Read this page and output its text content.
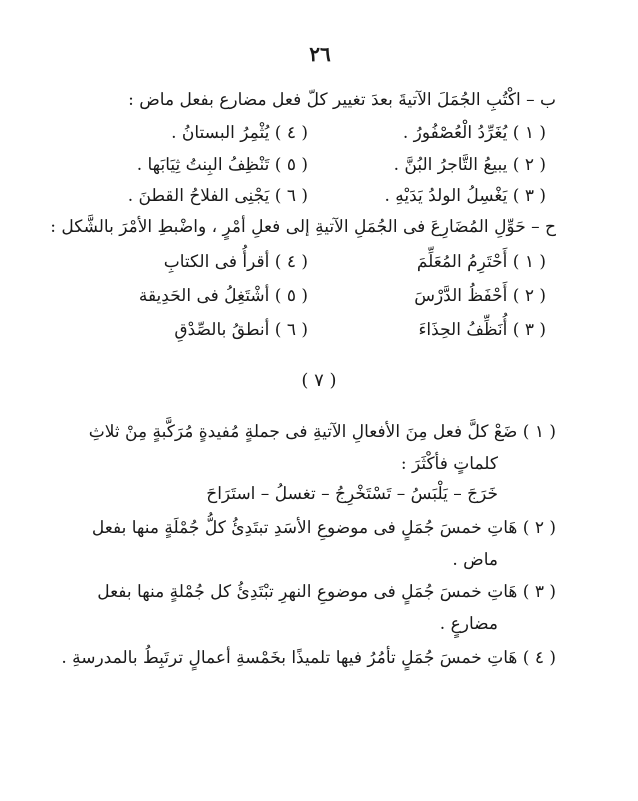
٢٦
ب – اكْتُبِ الجُمَلَ الآتيةَ بعدَ تغيير كلّ فعل مضارع بفعل ماض :
( ١ ) يُغَرِّدُ الْعُصْفُورُ .
( ٤ ) يُثْمِرُ البستانُ .
( ٢ ) يبيعُ التَّاجرُ البُنَّ .
( ٥ ) تَنْظِفُ البِنتُ ثِيَابَها .
( ٣ ) يَغْسِلُ الولدُ يَدَيْهِ .
( ٦ ) يَجْنِى الفلاحُ القطنَ .
ح – حَوِّلِ المُضَارِعَ فى الجُمَلِ الآتيةِ إلى فعلِ أمْرٍ ، واضْبطِ الأمْرَ بالشَّكل :
( ١ ) أَحْتَرِمُ المُعَلِّمَ
( ٤ ) أقرأُ فى الكتابِ
( ٢ ) أَحْفَظُ الدَّرْسَ
( ٥ ) أشْتَغِلُ فى الحَدِيقة
( ٣ ) أُنَظِّفُ الحِذَاءَ
( ٦ ) أنطقُ بالصِّدْقِ
( ٧ )
( ١ ) ضَعْ كلَّ فعل مِنَ الأفعالِ الآتيةِ فى جملةٍ مُفيدةٍ مُرَكَّبةٍ مِنْ ثلاثِ
كلماتٍ فأكْثَرَ :
خَرَجَ – يَلْبَسُ – تَسْتَخْرِجُ – تغسلُ – استَرَاحَ
( ٢ ) هَاتِ خمسَ جُمَلٍ فى موضوعِ الأسَدِ تبتَدِئُ كلُّ جُمْلَةٍ منها بفعل
ماض .
( ٣ ) هَاتِ خمسَ جُمَلٍ فى موضوعِ النهرِ تبْتَدِئُ كل جُمْلةٍ منها بفعل
مضارعٍ .
( ٤ ) هَاتِ خمسَ جُمَلٍ تأمُرُ فيها تلميذًا بخَمْسةِ أعمالٍ ترتَبِطُ بالمدرسةِ .
